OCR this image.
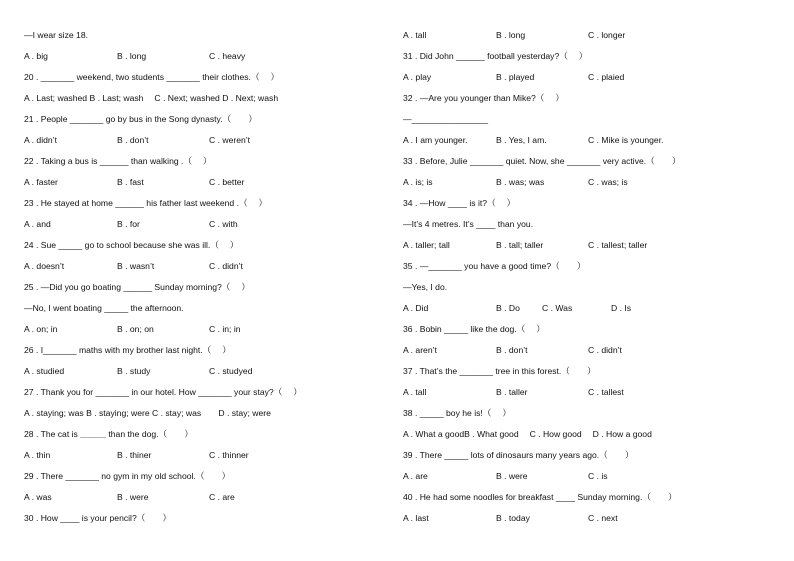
—I wear size 18.
A . big	B . long	C . heavy
20 . _______ weekend, two students _______ their clothes.（　 ）
A . Last; washed B . Last; wash　 C . Next; washed D . Next; wash
21 . People _______ go by bus in the Song dynasty.（　　）
A . didn’t	B . don’t	C . weren’t
22 . Taking a bus is ______ than walking .（　 ）
A . faster	B . fast	C . better
23 . He stayed at home ______ his father last weekend .（　 ）
A . and	B . for	C . with
24 . Sue _____ go to school because she was ill.（　 ）
A . doesn’t	B . wasn’t	C . didn’t
25 . —Did you go boating ______ Sunday morning?（　 ）
—No, I went boating _____ the afternoon.
A . on; in	B . on; on	C . in; in
26 . I_______ maths with my brother last night.（　 ）
A . studied	B . study	C . studyed
27 . Thank you for _______ in our hotel. How _______ your stay?（　 ）
A . staying; was B . staying; were C . stay; was　　D . stay; were
28 . The cat is ＿＿＿ than the dog.（　　）
A . thin	B . thiner	C . thinner
29 . There _______ no gym in my old school.（　　）
A . was	B . were	C . are
30 . How ____ is your pencil?（　　）
A . tall	B . long	C . longer
31 . Did John ______ football yesterday?（　 ）
A . play	B . played	C . plaied
32 . —Are you younger than Mike?（　 ）
—________________
A . I am younger.	B . Yes, I am.	C . Mike is younger.
33 . Before, Julie _______ quiet. Now, she _______ very active.（　　）
A . is; is	B . was; was	C . was; is
34 . —How ____ is it?（　 ）
—It’s 4 metres. It’s ____ than you.
A . taller; tall	B . tall; taller	C . tallest; taller
35 . —_______ you have a good time?（　　）
—Yes, I do.
A . Did	B . Do	C . Was	D . Is
36 . Bobin _____ like the dog.（　 ）
A . aren’t	B . don’t	C . didn’t
37 . That’s the _______ tree in this forest.（　　）
A . tall	B . taller	C . tallest
38 . _____ boy he is!（　 ）
A . What a goodB . What good　 C . How good　 D . How a good
39 . There _____ lots of dinosaurs many years ago.（　　）
A . are	B . were	C . is
40 . He had some noodles for breakfast ____ Sunday morning.（　　）
A . last	B . today	C . next
